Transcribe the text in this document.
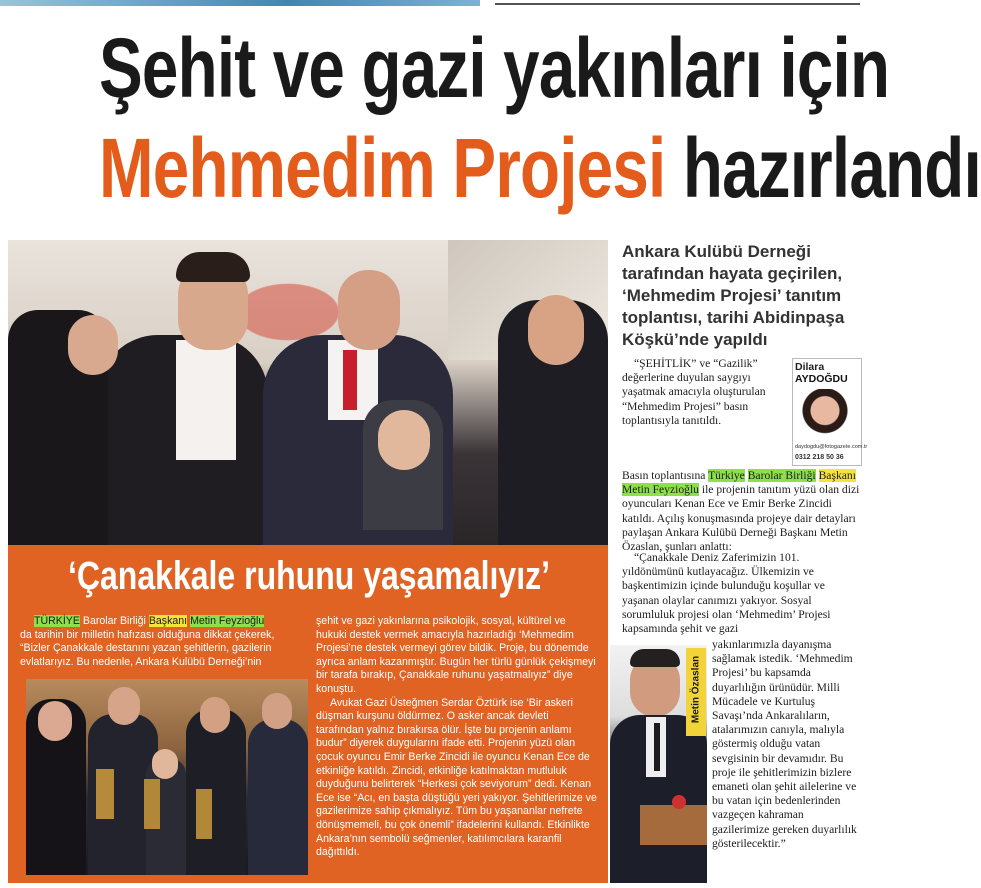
Şehit ve gazi yakınları için
Mehmedim Projesi hazırlandı
‘Çanakkale ruhunu yaşamalıyız’
TÜRKİYE Barolar Birliği Başkanı Metin Feyzioğlu
da tarihin bir milletin hafızası olduğuna dikkat çekerek, “Bizler Çanakkale destanını yazan şehitlerin, gazilerin evlatlarıyız. Bu nedenle, Ankara Kulübü Derneği’nin
şehit ve gazi yakınlarına psikolojik, sosyal, kültürel ve hukuki destek vermek amacıyla hazırladığı ‘Mehmedim Projesi’ne destek vermeyi görev bildik. Proje, bu dönemde ayrıca anlam kazanmıştır. Bugün her türlü günlük çekişmeyi bir tarafa bırakıp, Çanakkale ruhunu yaşatmalıyız” diye konuştu.
Avukat Gazi Üsteğmen Serdar Öztürk ise ‘Bir askeri düşman kurşunu öldürmez. O asker ancak devleti tarafından yalnız bırakırsa ölür. İşte bu projenin anlamı budur” diyerek duygularını ifade etti. Projenin yüzü olan çocuk oyuncu Emir Berke Zincidi ile oyuncu Kenan Ece de etkinliğe katıldı. Zincidi, etkinliğe katılmaktan mutluluk duyduğunu belirterek “Herkesi çok seviyorum” dedi. Kenan Ece ise “Acı, en başta düştüğü yeri yakıyor. Şehitlerimize ve gazilerimize sahip çıkmalıyız. Tüm bu yaşananlar nefrete dönüşmemeli, bu çok önemli” ifadelerini kullandı. Etkinlikte Ankara’nın sembolü seğmenler, katılımcılara karanfil dağıttıldı.
Ankara Kulübü Derneği tarafından hayata geçirilen, ‘Mehmedim Projesi’ tanıtım toplantısı, tarihi Abidinpaşa Köşkü’nde yapıldı
Dilara
AYDOĞDU
daydogdu@fotogazete.com.tr
0312 218 50 36
“ŞEHİTLİK” ve “Gazilik” değerlerine duyulan saygıyı yaşatmak amacıyla oluşturulan “Mehmedim Projesi” basın toplantısıyla tanıtıldı.
Basın toplantısına Türkiye Barolar Birliği Başkanı Metin Feyzioğlu ile projenin tanıtım yüzü olan dizi oyuncuları Kenan Ece ve Emir Berke Zincidi katıldı. Açılış konuşmasında projeye dair detayları paylaşan Ankara Kulübü Derneği Başkanı Metin Özaslan, şunları anlattı:
“Çanakkale Deniz Zaferimizin 101. yıldönümünü kutlayacağız. Ülkemizin ve başkentimizin içinde bulunduğu koşullar ve yaşanan olaylar canımızı yakıyor. Sosyal sorumluluk projesi olan ‘Mehmedim’ Projesi kapsamında şehit ve gazi
Metin Özaslan
yakınlarımızla dayanışma sağlamak istedik. ‘Mehmedim Projesi’ bu kapsamda duyarlılığın ürünüdür. Milli Mücadele ve Kurtuluş Savaşı’nda Ankaralıların, atalarımızın canıyla, malıyla göstermiş olduğu vatan sevgisinin bir devamıdır. Bu proje ile şehitlerimizin bizlere emaneti olan şehit ailelerine ve bu vatan için bedenlerinden vazgeçen kahraman gazilerimize gereken duyarlılık gösterilecektir.”
